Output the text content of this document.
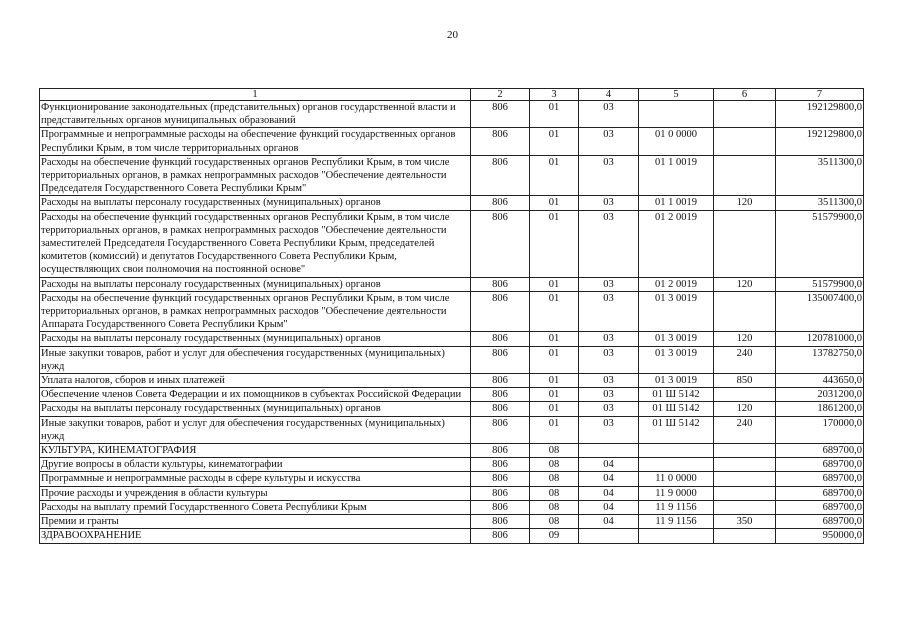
20
1	2	3	4	5	6	7
Функционирование законодательных (представительных) органов государственной власти и представительных органов муниципальных образований	806	01	03			192129800,0
Программные и непрограммные расходы на обеспечение функций государственных органов Республики Крым, в том числе территориальных органов	806	01	03	01 0 0000		192129800,0
Расходы на обеспечение функций государственных органов Республики Крым, в том числе территориальных органов, в рамках непрограммных расходов "Обеспечение деятельности Председателя Государственного Совета Республики Крым"	806	01	03	01 1 0019		3511300,0
Расходы на выплаты персоналу государственных (муниципальных) органов	806	01	03	01 1 0019	120	3511300,0
Расходы на обеспечение функций государственных органов Республики Крым, в том числе территориальных органов, в рамках непрограммных расходов "Обеспечение деятельности заместителей Председателя Государственного Совета Республики Крым, председателей комитетов (комиссий) и депутатов Государственного Совета Республики Крым, осуществляющих свои полномочия на постоянной основе"	806	01	03	01 2 0019		51579900,0
Расходы на выплаты персоналу государственных (муниципальных) органов	806	01	03	01 2 0019	120	51579900,0
Расходы на обеспечение функций государственных органов Республики Крым, в том числе территориальных органов, в рамках непрограммных расходов "Обеспечение деятельности Аппарата Государственного Совета Республики Крым"	806	01	03	01 3 0019		135007400,0
Расходы на выплаты персоналу государственных (муниципальных) органов	806	01	03	01 3 0019	120	120781000,0
Иные закупки товаров, работ и услуг для обеспечения государственных (муниципальных) нужд	806	01	03	01 3 0019	240	13782750,0
Уплата налогов, сборов и иных платежей	806	01	03	01 3 0019	850	443650,0
Обеспечение членов Совета Федерации и их помощников в субъектах Российской Федерации	806	01	03	01 Ш 5142		2031200,0
Расходы на выплаты персоналу государственных (муниципальных) органов	806	01	03	01 Ш 5142	120	1861200,0
Иные закупки товаров, работ и услуг для обеспечения государственных (муниципальных) нужд	806	01	03	01 Ш 5142	240	170000,0
КУЛЬТУРА, КИНЕМАТОГРАФИЯ	806	08				689700,0
Другие вопросы в области культуры, кинематографии	806	08	04			689700,0
Программные и непрограммные расходы в сфере культуры и искусства	806	08	04	11 0 0000		689700,0
Прочие расходы и учреждения в области культуры	806	08	04	11 9 0000		689700,0
Расходы на выплату премий Государственного Совета Республики Крым	806	08	04	11 9 1156		689700,0
Премии и гранты	806	08	04	11 9 1156	350	689700,0
ЗДРАВООХРАНЕНИЕ	806	09				950000,0
